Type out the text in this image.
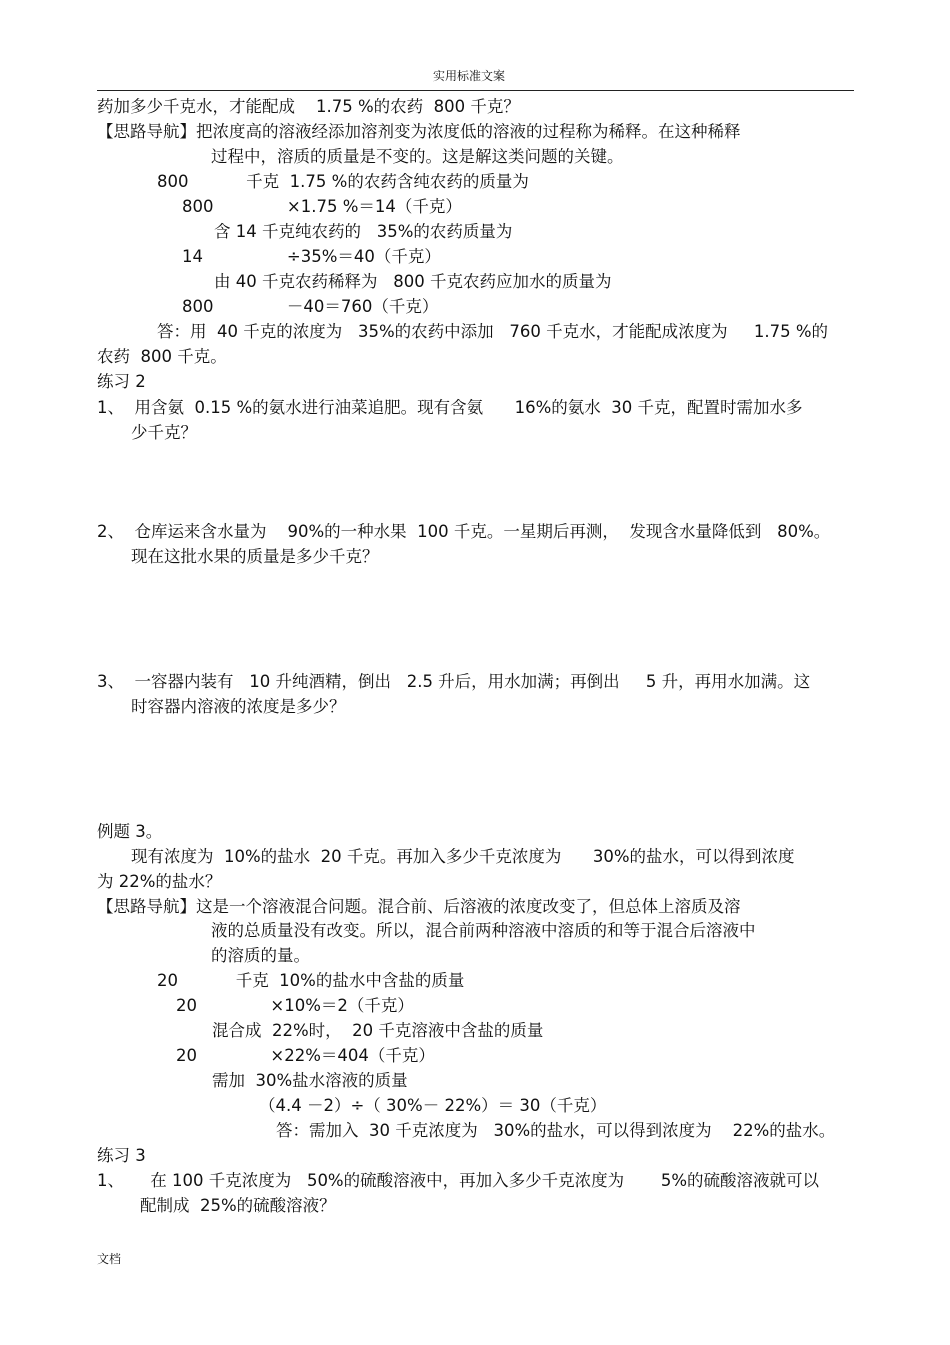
实用标准文案
药加多少千克水，才能配成    1.75 %的农药  800 千克？
【思路导航】把浓度高的溶液经添加溶剂变为浓度低的溶液的过程称为稀释。在这种稀释
过程中，溶质的质量是不变的。这是解这类问题的关键。
800           千克  1.75 %的农药含纯农药的质量为
800              ×1.75 %＝14（千克）
含 14 千克纯农药的   35%的农药质量为
14                ÷35%＝40（千克）
由 40 千克农药稀释为   800 千克农药应加水的质量为
800              －40＝760（千克）
答：用  40 千克的浓度为   35%的农药中添加   760 千克水，才能配成浓度为     1.75 %的
农药  800 千克。
练习 2
1、  用含氨  0.15 %的氨水进行油菜追肥。现有含氨      16%的氨水  30 千克，配置时需加水多
少千克？
2、  仓库运来含水量为    90%的一种水果  100 千克。一星期后再测，  发现含水量降低到   80%。
现在这批水果的质量是多少千克？
3、  一容器内装有   10 升纯酒精，倒出   2.5 升后，用水加满；再倒出     5 升，再用水加满。这
时容器内溶液的浓度是多少？
例题 3。
现有浓度为  10%的盐水  20 千克。再加入多少千克浓度为      30%的盐水，可以得到浓度
为 22%的盐水？
【思路导航】这是一个溶液混合问题。混合前、后溶液的浓度改变了，但总体上溶质及溶
液的总质量没有改变。所以，混合前两种溶液中溶质的和等于混合后溶液中
的溶质的量。
20           千克  10%的盐水中含盐的质量
20              ×10%＝2（千克）
混合成  22%时，  20 千克溶液中含盐的质量
20              ×22%＝404（千克）
需加  30%盐水溶液的质量
（4.4 －2）÷（ 30%－ 22%）＝ 30（千克）
答：需加入  30 千克浓度为   30%的盐水，可以得到浓度为    22%的盐水。
练习 3
1、     在 100 千克浓度为   50%的硫酸溶液中，再加入多少千克浓度为       5%的硫酸溶液就可以
配制成  25%的硫酸溶液？
文档
